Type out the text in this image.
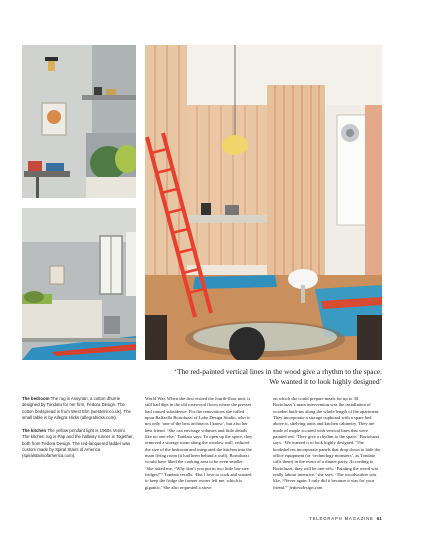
‘The red-painted vertical lines in the wood give a rhythm to the space.
We wanted it to look highly designed’

The bedroom The rug is Assyrian, a cotton dhurrie designed by Tondato for her firm, Fedora Design. The cotton bedspread is from West Elm (westelm.co.uk). The small table is by Allegra Hicks (allegrahicks.com).

The kitchen The yellow pendant light is 1960s Venini. The kitchen rug is Pap and the hallway runner is Together, both from Fedora Design. The red-lacquered ladder was custom made by Spiral Stairs of America (spiralstairsofamerica.com).

World War. When she first visited the fourth-floor unit, it still had dips in the old rosewood floors where the presses had caused subsidence. For the renovations she called upon Raffaella Bortoluzzi of Labo Design Studio, who is not only ‘one of the best architects I know’, but also her best friend. ‘She can envisage volumes and little details like no one else,’ Tondato says. To open up the space, they removed a storage room along the window wall, reduced the size of the bedroom and integrated the kitchen into the main living room (it had been behind a wall). Bortoluzzi would have liked the cooking area to be even smaller. ‘She asked me, “Why don’t you put in two little bar-size fridges?”’ Tondato recalls. ‘But I love to cook and wanted to keep the fridge the former owner left me, which is gigantic.’ She also requested a stove

on which she could prepare meals for up to 30. Bortoluzzi’s main intervention was the installation of wooden built-ins along the whole length of the apartment. They incorporate a storage cupboard with a spare bed above it, shelving units and kitchen cabinetry. They are made of maple scoured with vertical lines that were painted red. ‘They give a rhythm to the space,’ Bortoluzzi says. ‘We wanted it to look highly designed.’ The bookshelves incorporate panels that drop down to hide the office equipment (or ‘technology monsters’, as Tondato calls them) in the event of a dinner party. According to Bortoluzzi, they will be one-offs. ‘Painting the wood was really labour intensive,’ she says. ‘The woodworker was like, “Never again. I only did it because it was for your friend.”’ fedoradesign.com

TELEGRAPH MAGAZINE 61
